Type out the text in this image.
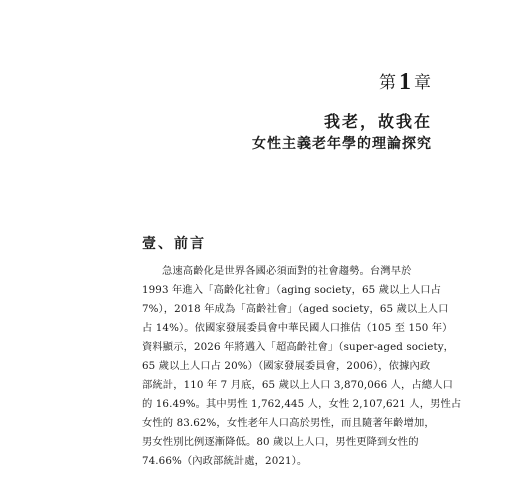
第1 章
我老，故我在
女性主義老年學的理論探究
壹、前言
急速高齡化是世界各國必須面對的社會趨勢。台灣早於
1993 年進入「高齡化社會」（aging society，65 歲以上人口占
7%），2018 年成為「高齡社會」（aged society，65 歲以上人口
占 14%）。依國家發展委員會中華民國人口推估（105 至 150 年）
資料顯示，2026 年將邁入「超高齡社會」（super-aged society，
65 歲以上人口占 20%）（國家發展委員會，2006），依據內政
部統計，110 年 7 月底，65 歲以上人口 3,870,066 人，占總人口
的 16.49%。其中男性 1,762,445 人，女性 2,107,621 人，男性占
女性的 83.62%，女性老年人口高於男性，而且隨著年齡增加，
男女性別比例逐漸降低。80 歲以上人口，男性更降到女性的
74.66%（內政部統計處，2021）。
